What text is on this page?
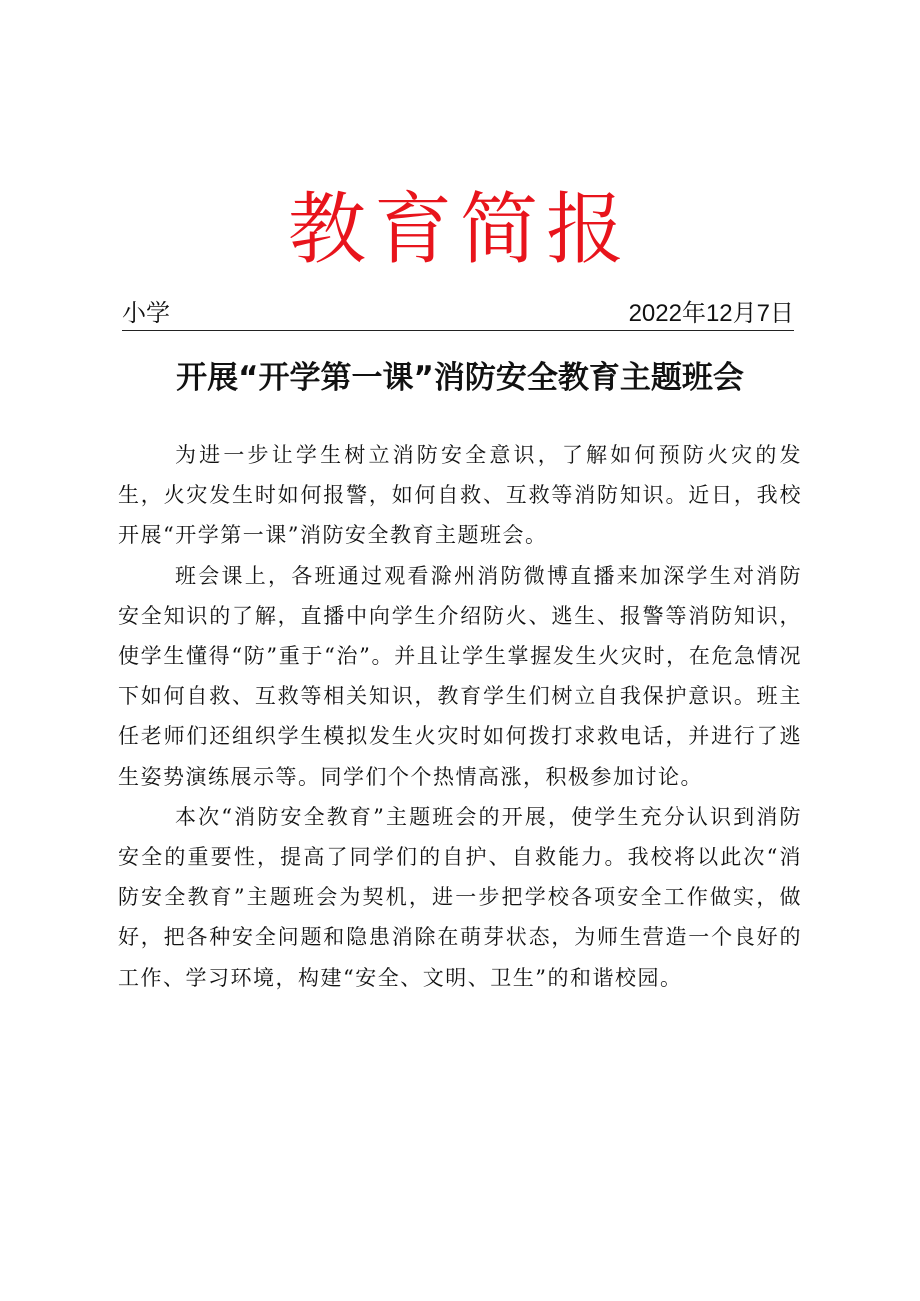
教育简报
小学	2022年12月7日
开展“开学第一课”消防安全教育主题班会

为进一步让学生树立消防安全意识，了解如何预防火灾的发生，火灾发生时如何报警，如何自救、互救等消防知识。近日，我校开展“开学第一课”消防安全教育主题班会。

班会课上，各班通过观看滁州消防微博直播来加深学生对消防安全知识的了解，直播中向学生介绍防火、逃生、报警等消防知识，使学生懂得“防”重于“治”。并且让学生掌握发生火灾时，在危急情况下如何自救、互救等相关知识，教育学生们树立自我保护意识。班主任老师们还组织学生模拟发生火灾时如何拨打求救电话，并进行了逃生姿势演练展示等。同学们个个热情高涨，积极参加讨论。

本次“消防安全教育”主题班会的开展，使学生充分认识到消防安全的重要性，提高了同学们的自护、自救能力。我校将以此次“消防安全教育”主题班会为契机，进一步把学校各项安全工作做实，做好，把各种安全问题和隐患消除在萌芽状态，为师生营造一个良好的工作、学习环境，构建“安全、文明、卫生”的和谐校园。
